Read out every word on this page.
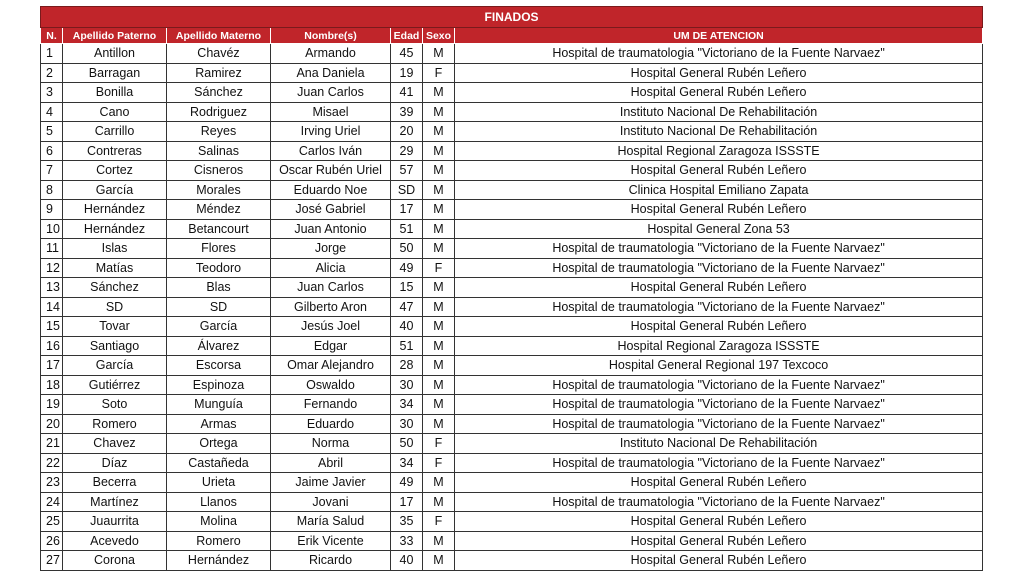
FINADOS						
N.	Apellido Paterno	Apellido Materno	Nombre(s)	Edad	Sexo	UM DE ATENCION
1	Antillon	Chavéz	Armando	45	M	Hospital de traumatologia "Victoriano de la Fuente Narvaez"
2	Barragan	Ramirez	Ana Daniela	19	F	Hospital General Rubén Leñero
3	Bonilla	Sánchez	Juan Carlos	41	M	Hospital General Rubén Leñero
4	Cano	Rodriguez	Misael	39	M	Instituto Nacional De Rehabilitación
5	Carrillo	Reyes	Irving Uriel	20	M	Instituto Nacional De Rehabilitación
6	Contreras	Salinas	Carlos Iván	29	M	Hospital Regional Zaragoza ISSSTE
7	Cortez	Cisneros	Oscar Rubén Uriel	57	M	Hospital General Rubén Leñero
8	García	Morales	Eduardo Noe	SD	M	Clinica Hospital Emiliano Zapata
9	Hernández	Méndez	José Gabriel	17	M	Hospital General Rubén Leñero
10	Hernández	Betancourt	Juan Antonio	51	M	Hospital General Zona 53
11	Islas	Flores	Jorge	50	M	Hospital de traumatologia "Victoriano de la Fuente Narvaez"
12	Matías	Teodoro	Alicia	49	F	Hospital de traumatologia "Victoriano de la Fuente Narvaez"
13	Sánchez	Blas	Juan Carlos	15	M	Hospital General Rubén Leñero
14	SD	SD	Gilberto Aron	47	M	Hospital de traumatologia "Victoriano de la Fuente Narvaez"
15	Tovar	García	Jesús Joel	40	M	Hospital General Rubén Leñero
16	Santiago	Álvarez	Edgar	51	M	Hospital Regional Zaragoza ISSSTE
17	García	Escorsa	Omar Alejandro	28	M	Hospital General Regional 197 Texcoco
18	Gutiérrez	Espinoza	Oswaldo	30	M	Hospital de traumatologia "Victoriano de la Fuente Narvaez"
19	Soto	Munguía	Fernando	34	M	Hospital de traumatologia "Victoriano de la Fuente Narvaez"
20	Romero	Armas	Eduardo	30	M	Hospital de traumatologia "Victoriano de la Fuente Narvaez"
21	Chavez	Ortega	Norma	50	F	Instituto Nacional De Rehabilitación
22	Díaz	Castañeda	Abril	34	F	Hospital de traumatologia "Victoriano de la Fuente Narvaez"
23	Becerra	Urieta	Jaime Javier	49	M	Hospital General Rubén Leñero
24	Martínez	Llanos	Jovani	17	M	Hospital de traumatologia "Victoriano de la Fuente Narvaez"
25	Juaurrita	Molina	María Salud	35	F	Hospital General Rubén Leñero
26	Acevedo	Romero	Erik Vicente	33	M	Hospital General Rubén Leñero
27	Corona	Hernández	Ricardo	40	M	Hospital General Rubén Leñero
